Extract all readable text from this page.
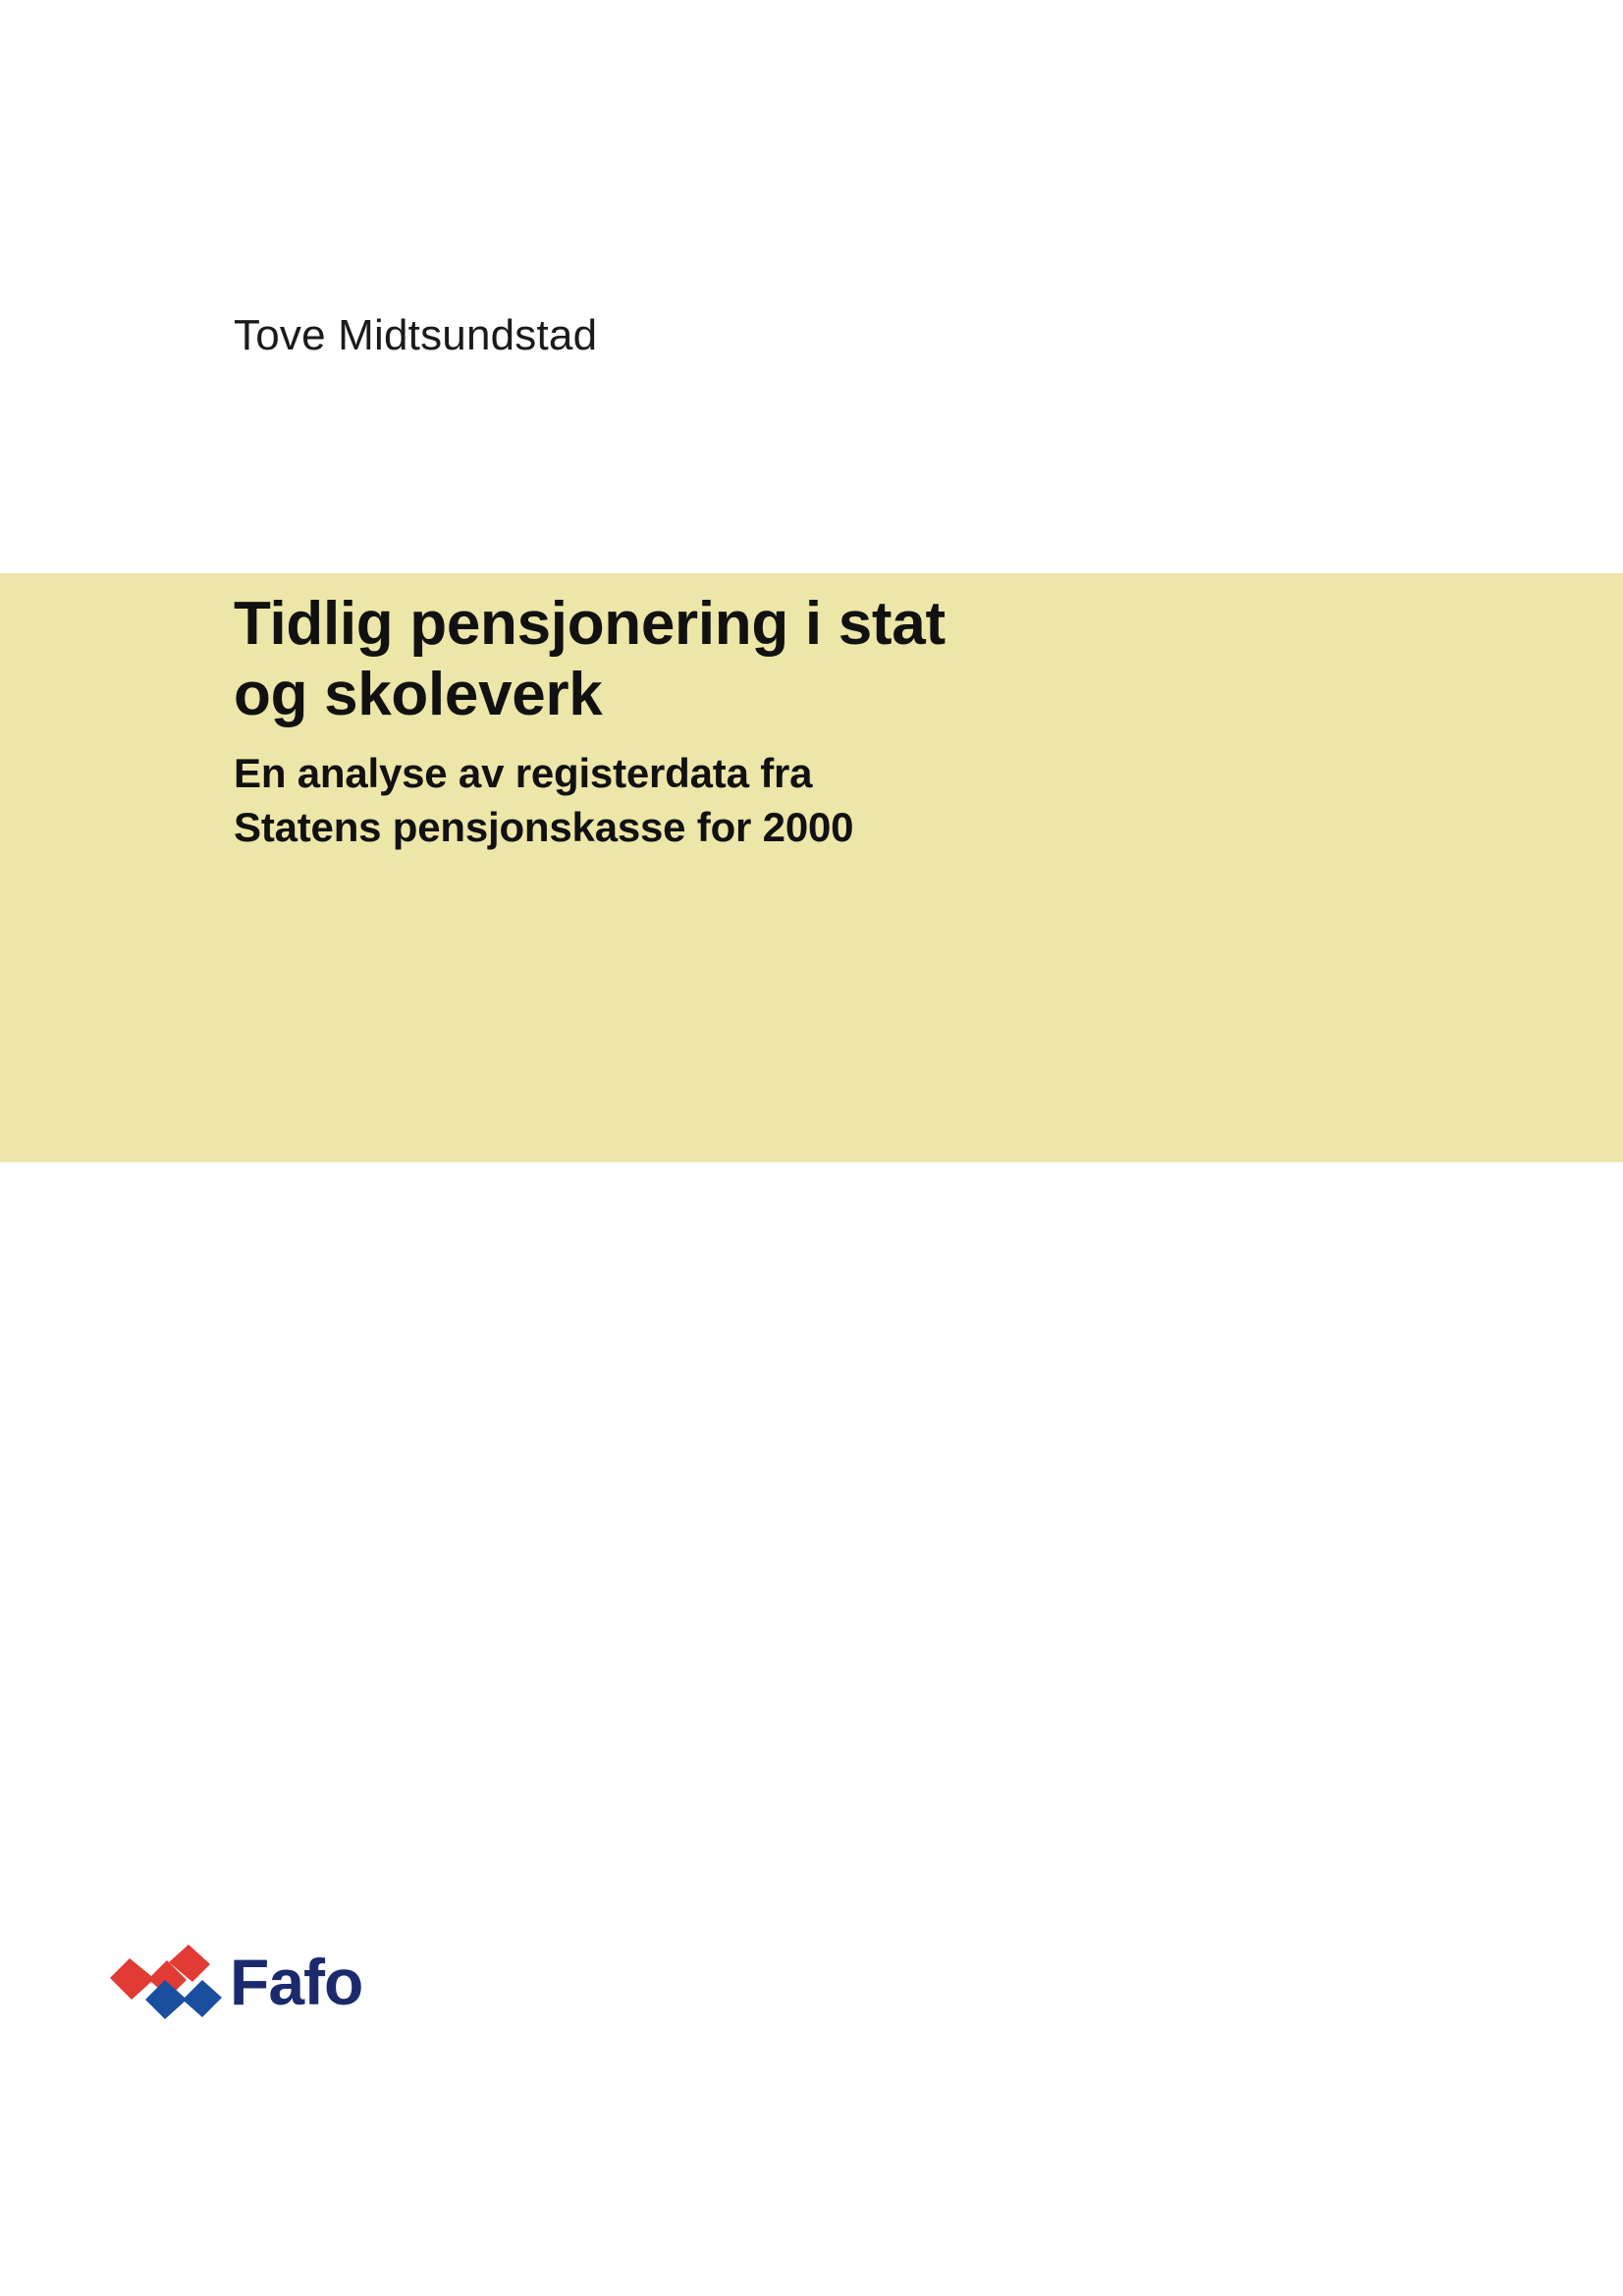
Tove Midtsundstad
Tidlig pensjonering i stat
og skoleverk
En analyse av registerdata fra
Statens pensjonskasse for 2000
Fafo
